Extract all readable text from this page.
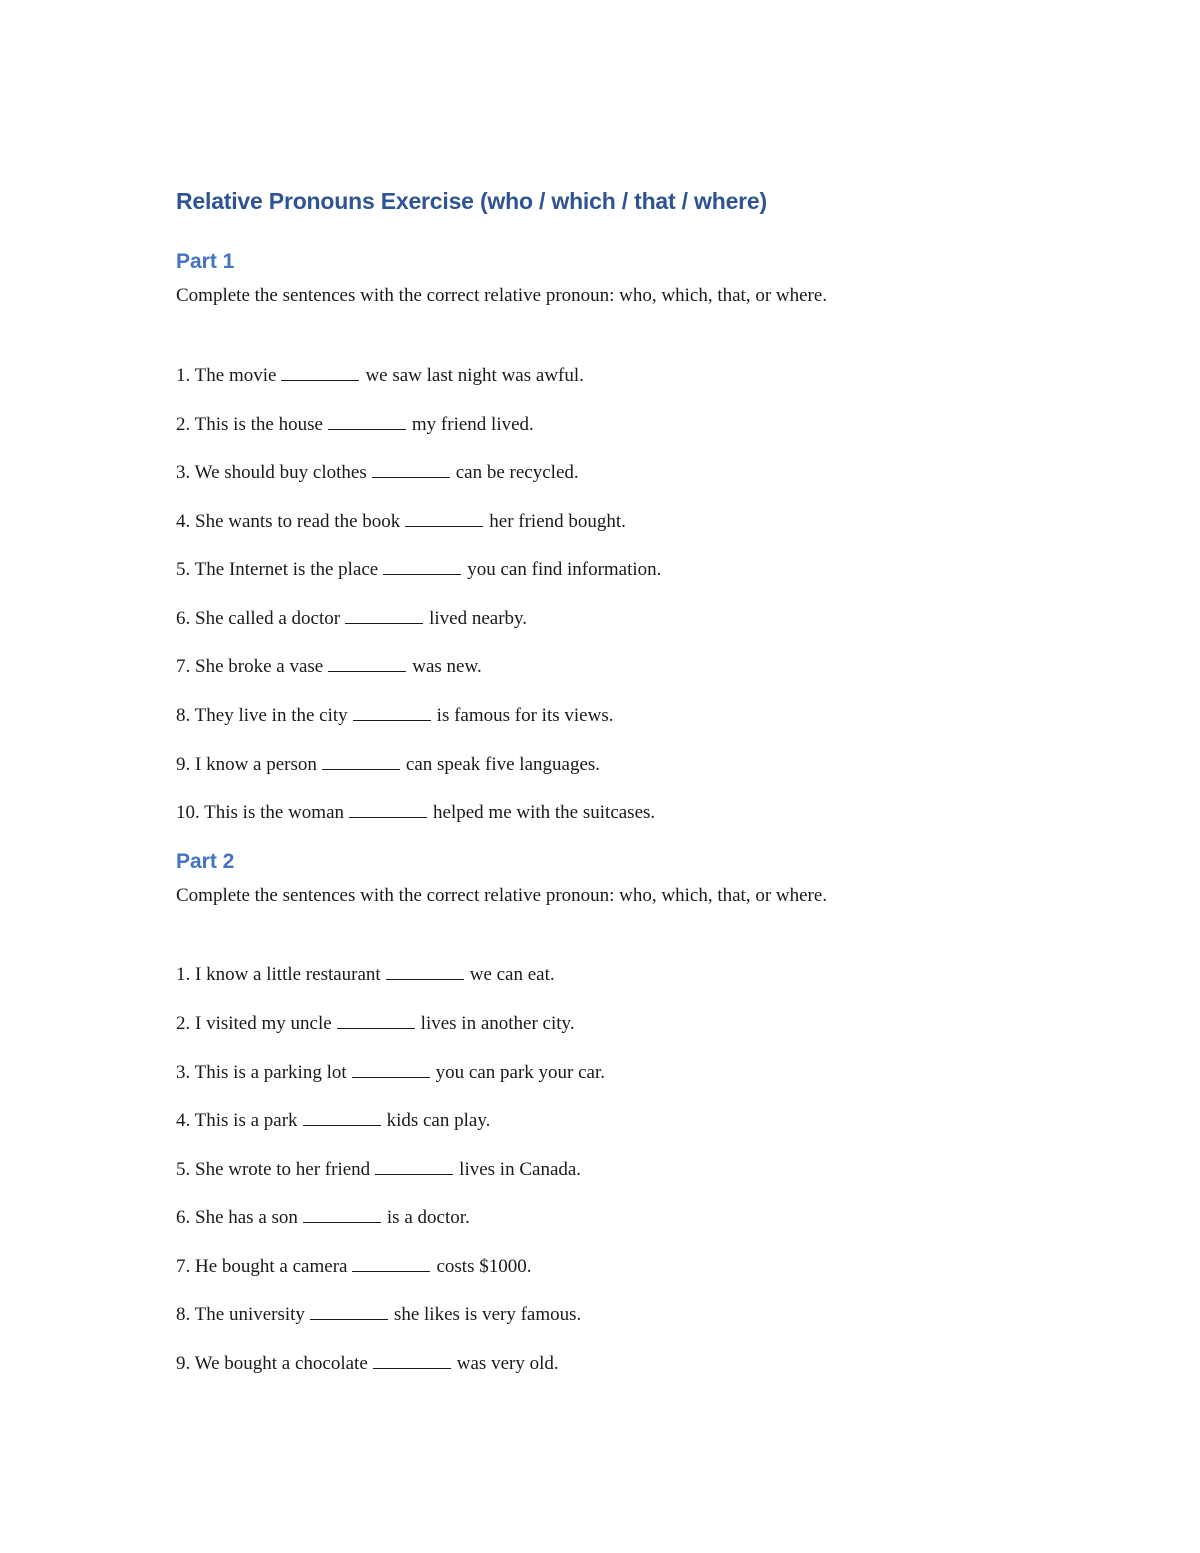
Relative Pronouns Exercise (who / which / that / where)
Part 1

Complete the sentences with the correct relative pronoun: who, which, that, or where.

1. The movie	we saw last night was awful.

2. This is the house	my friend lived.

3. We should buy clothes	can be recycled.

4. She wants to read the book	her friend bought.

5. The Internet is the place	you can find information.

6. She called a doctor	lived nearby.

7. She broke a vase	was new.

8. They live in the city	is famous for its views.

9. I know a person	can speak five languages.

10. This is the woman	helped me with the suitcases.

Part 2

Complete the sentences with the correct relative pronoun: who, which, that, or where.

1. I know a little restaurant	we can eat.

2. I visited my uncle	lives in another city.

3. This is a parking lot	you can park your car.

4. This is a park	kids can play.

5. She wrote to her friend	lives in Canada.

6. She has a son	is a doctor.

7. He bought a camera	costs $1000.

8. The university	she likes is very famous.

9. We bought a chocolate	was very old.
